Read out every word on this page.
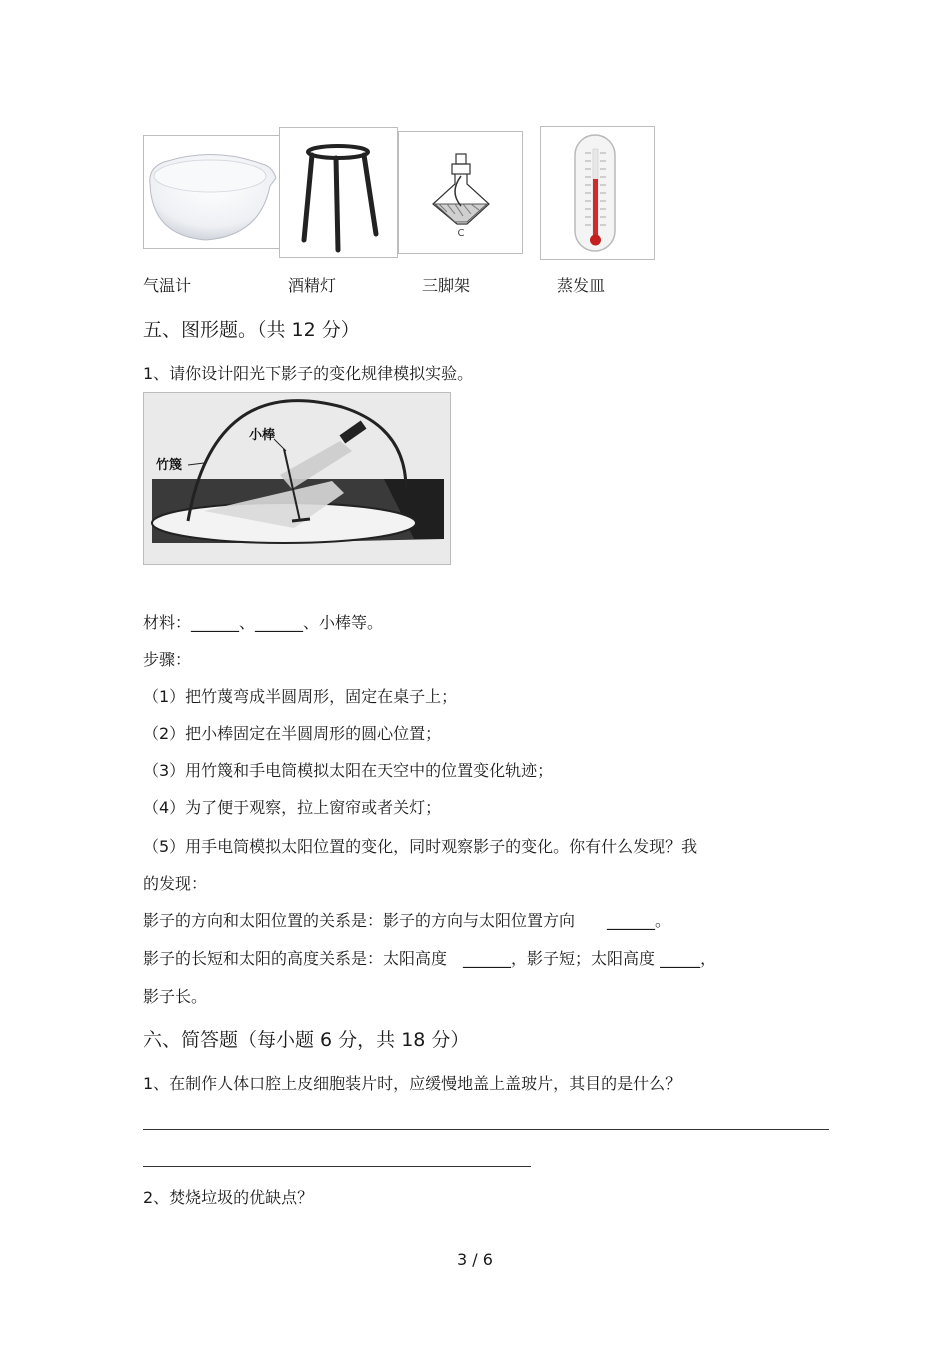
C
气温计	酒精灯	三脚架	蒸发皿
五、图形题。（共 12 分）
1、请你设计阳光下影子的变化规律模拟实验。
小棒
竹篾
材料：______、______、小棒等。
步骤：
（1）把竹蔑弯成半圆周形，固定在桌子上；
（2）把小棒固定在半圆周形的圆心位置；
（3）用竹篾和手电筒模拟太阳在天空中的位置变化轨迹；
（4）为了便于观察，拉上窗帘或者关灯；
（5）用手电筒模拟太阳位置的变化，同时观察影子的变化。你有什么发现？我
的发现：
影子的方向和太阳位置的关系是：影子的方向与太阳位置方向　　______。
影子的长短和太阳的高度关系是：太阳高度　______，影子短；太阳高度 _____，
影子长。
六、简答题（每小题 6 分，共 18 分）
1、在制作人体口腔上皮细胞装片时，应缓慢地盖上盖玻片，其目的是什么？
2、焚烧垃圾的优缺点？
3 / 6
